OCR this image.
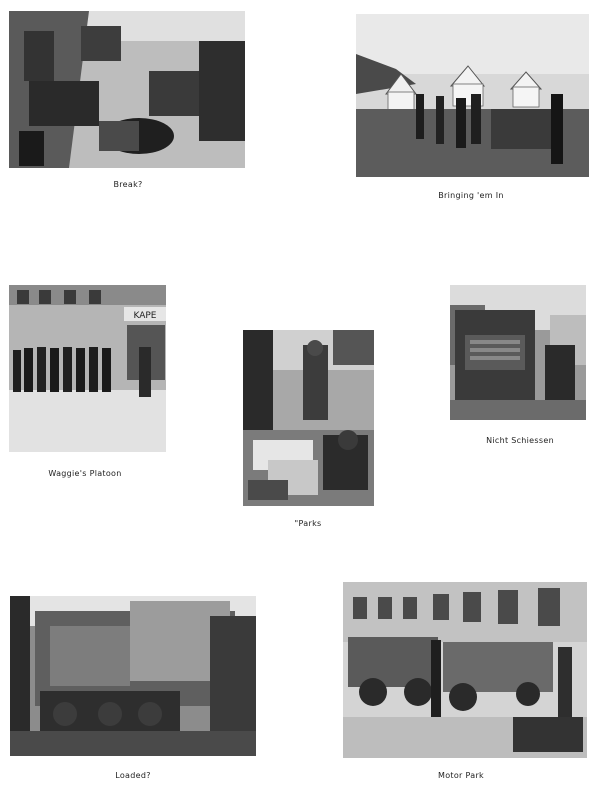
Break?
Bringing 'em In
KAPE
Waggie's Platoon
"Parks
Nicht Schiessen
Loaded?	Motor Park
